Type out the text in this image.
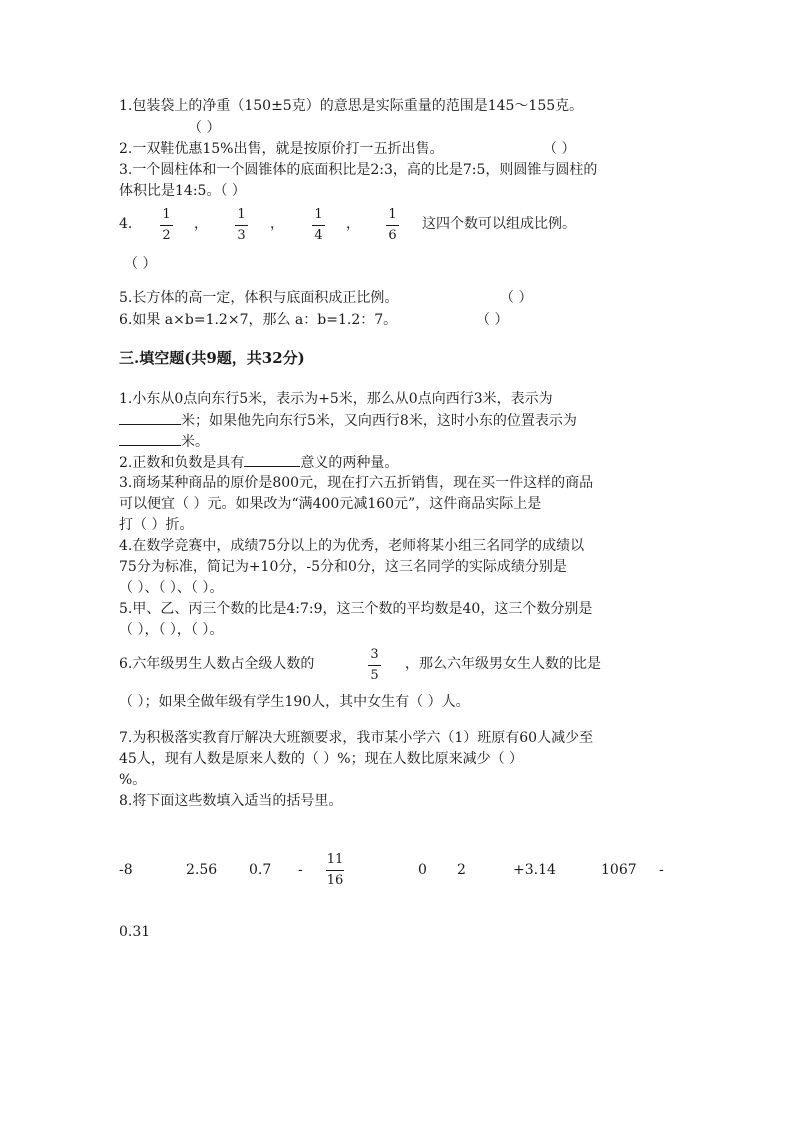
1.包装袋上的净重（150±5克）的意思是实际重量的范围是145～155克。
（ ）
2.一双鞋优惠15%出售，就是按原价打一五折出售。	（ ）
3.一个圆柱体和一个圆锥体的底面积比是2:3，高的比是7:5，则圆锥与圆柱的
体积比是14:5。（ ）
4.
1
2
，
1
3
，
1
4
，
1
6
这四个数可以组成比例。
（ ）
5.长方体的高一定，体积与底面积成正比例。	（ ）
6.如果 a×b=1.2×7，那么 a：b=1.2：7。	（ ）
三.填空题(共9题，共32分)
1.小东从0点向东行5米，表示为+5米，那么从0点向西行3米，表示为
米；如果他先向东行5米，又向西行8米，这时小东的位置表示为
米。
2.正数和负数是具有	意义的两种量。
3.商场某种商品的原价是800元，现在打六五折销售，现在买一件这样的商品
可以便宜（ ）元。如果改为“满400元减160元”，这件商品实际上是
打（ ）折。
4.在数学竞赛中，成绩75分以上的为优秀，老师将某小组三名同学的成绩以
75分为标准，简记为+10分，-5分和0分，这三名同学的实际成绩分别是
（ ）、（ ）、（ ）。
5.甲、乙、丙三个数的比是4:7:9，这三个数的平均数是40，这三个数分别是
（ ），（ ），（ ）。
6.六年级男生人数占全级人数的
3
5
，那么六年级男女生人数的比是
（ ）；如果全做年级有学生190人，其中女生有（ ）人。
7.为积极落实教育厅解决大班额要求，我市某小学六（1）班原有60人减少至
45人，现有人数是原来人数的（ ）%；现在人数比原来减少（ ）
%。
8.将下面这些数填入适当的括号里。
-8	2.56 0.7 -
11
16
0 2	+3.14	1067 -
0.31
